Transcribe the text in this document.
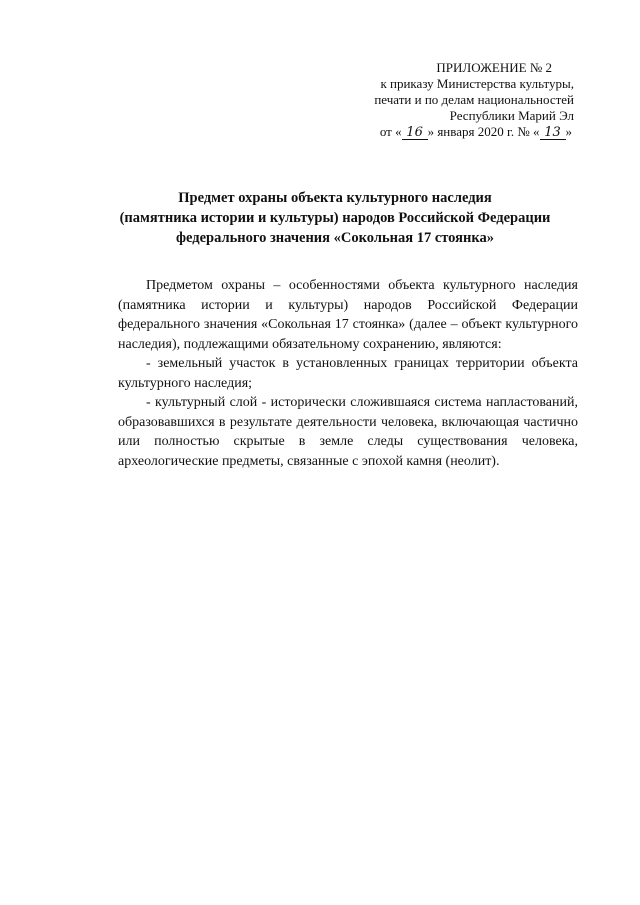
ПРИЛОЖЕНИЕ № 2
к приказу Министерства культуры,
печати и по делам национальностей
Республики Марий Эл
от « 16 » января 2020 г. № « 13 »
Предмет охраны объекта культурного наследия
(памятника истории и культуры) народов Российской Федерации
федерального значения «Сокольная 17 стоянка»

Предметом охраны – особенностями объекта культурного наследия (памятника истории и культуры) народов Российской Федерации федерального значения «Сокольная 17 стоянка» (далее – объект культурного наследия), подлежащими обязательному сохранению, являются:

- земельный участок в установленных границах территории объекта культурного наследия;

- культурный слой - исторически сложившаяся система напластований, образовавшихся в результате деятельности человека, включающая частично или полностью скрытые в земле следы существования человека, археологические предметы, связанные с эпохой камня (неолит).
